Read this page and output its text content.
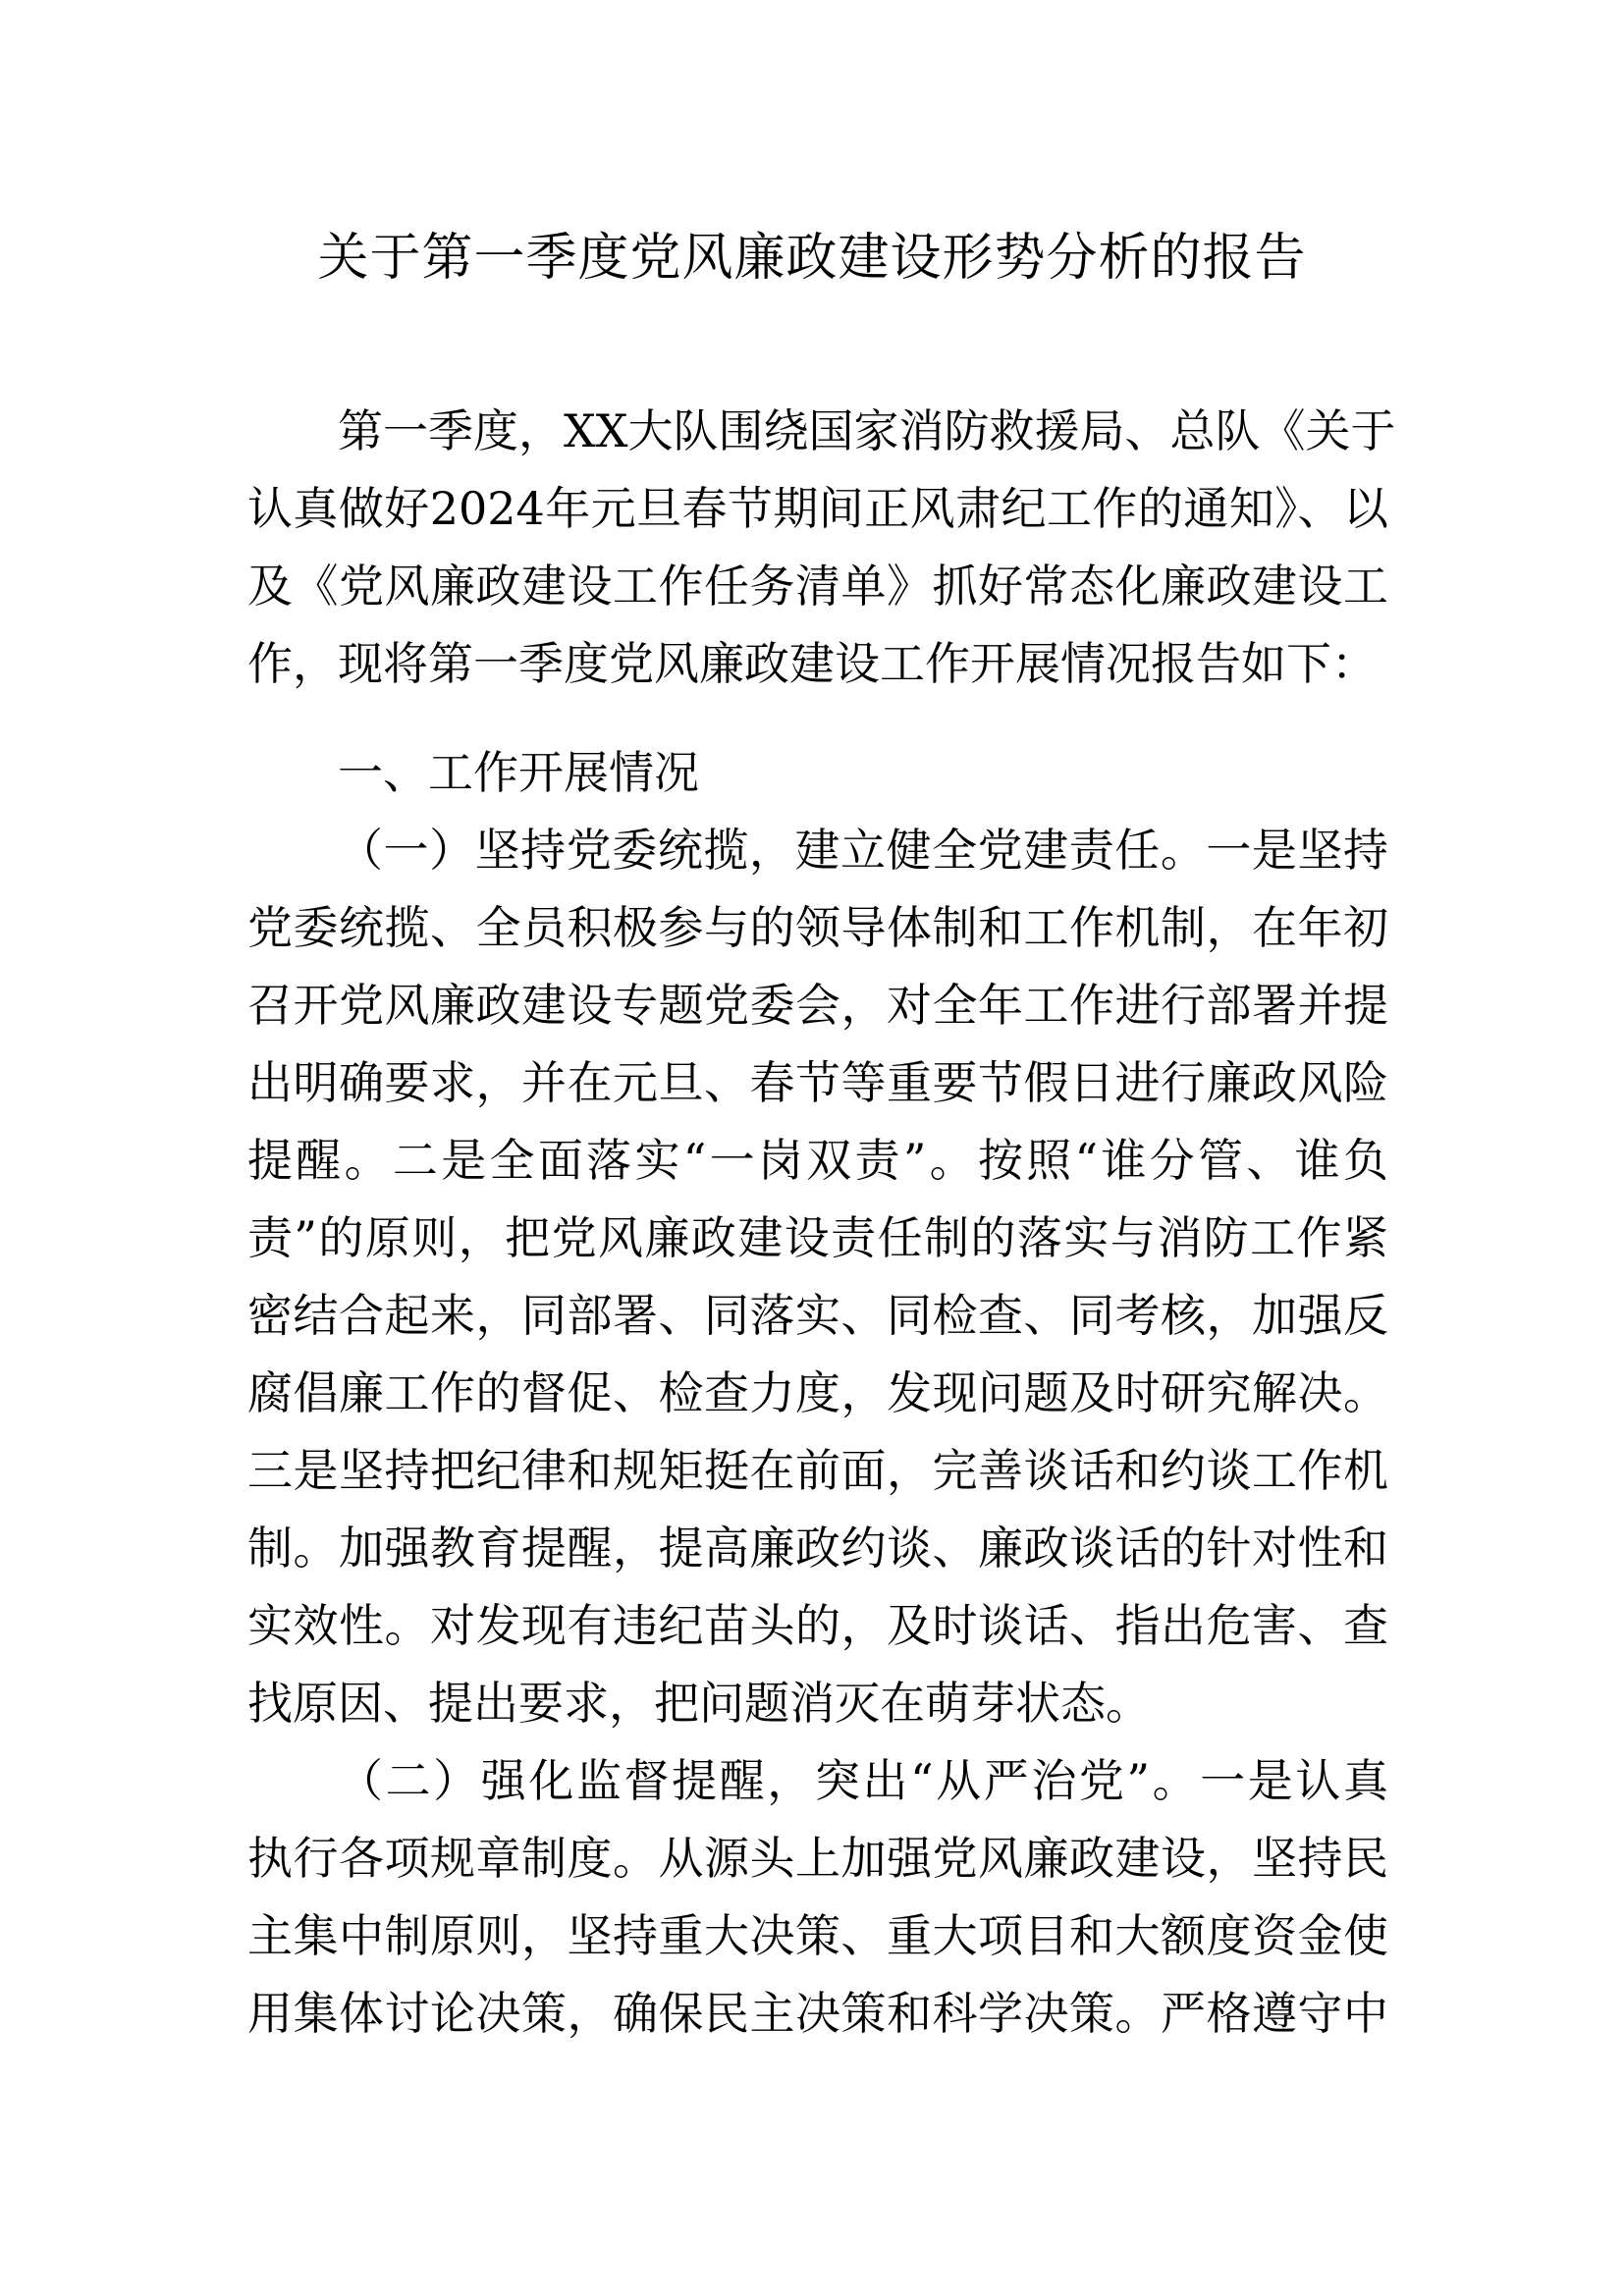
关于第一季度党风廉政建设形势分析的报告
第一季度，XX大队围绕国家消防救援局、总队《关于
认真做好2024年元旦春节期间正风肃纪工作的通知》、以
及《党风廉政建设工作任务清单》抓好常态化廉政建设工
作，现将第一季度党风廉政建设工作开展情况报告如下：
一、工作开展情况
（一）坚持党委统揽，建立健全党建责任。一是坚持
党委统揽、全员积极参与的领导体制和工作机制，在年初
召开党风廉政建设专题党委会，对全年工作进行部署并提
出明确要求，并在元旦、春节等重要节假日进行廉政风险
提醒。二是全面落实“一岗双责”。按照“谁分管、谁负
责”的原则，把党风廉政建设责任制的落实与消防工作紧
密结合起来，同部署、同落实、同检查、同考核，加强反
腐倡廉工作的督促、检查力度，发现问题及时研究解决。
三是坚持把纪律和规矩挺在前面，完善谈话和约谈工作机
制。加强教育提醒，提高廉政约谈、廉政谈话的针对性和
实效性。对发现有违纪苗头的，及时谈话、指出危害、查
找原因、提出要求，把问题消灭在萌芽状态。
（二）强化监督提醒，突出“从严治党”。一是认真
执行各项规章制度。从源头上加强党风廉政建设，坚持民
主集中制原则，坚持重大决策、重大项目和大额度资金使
用集体讨论决策，确保民主决策和科学决策。严格遵守中
